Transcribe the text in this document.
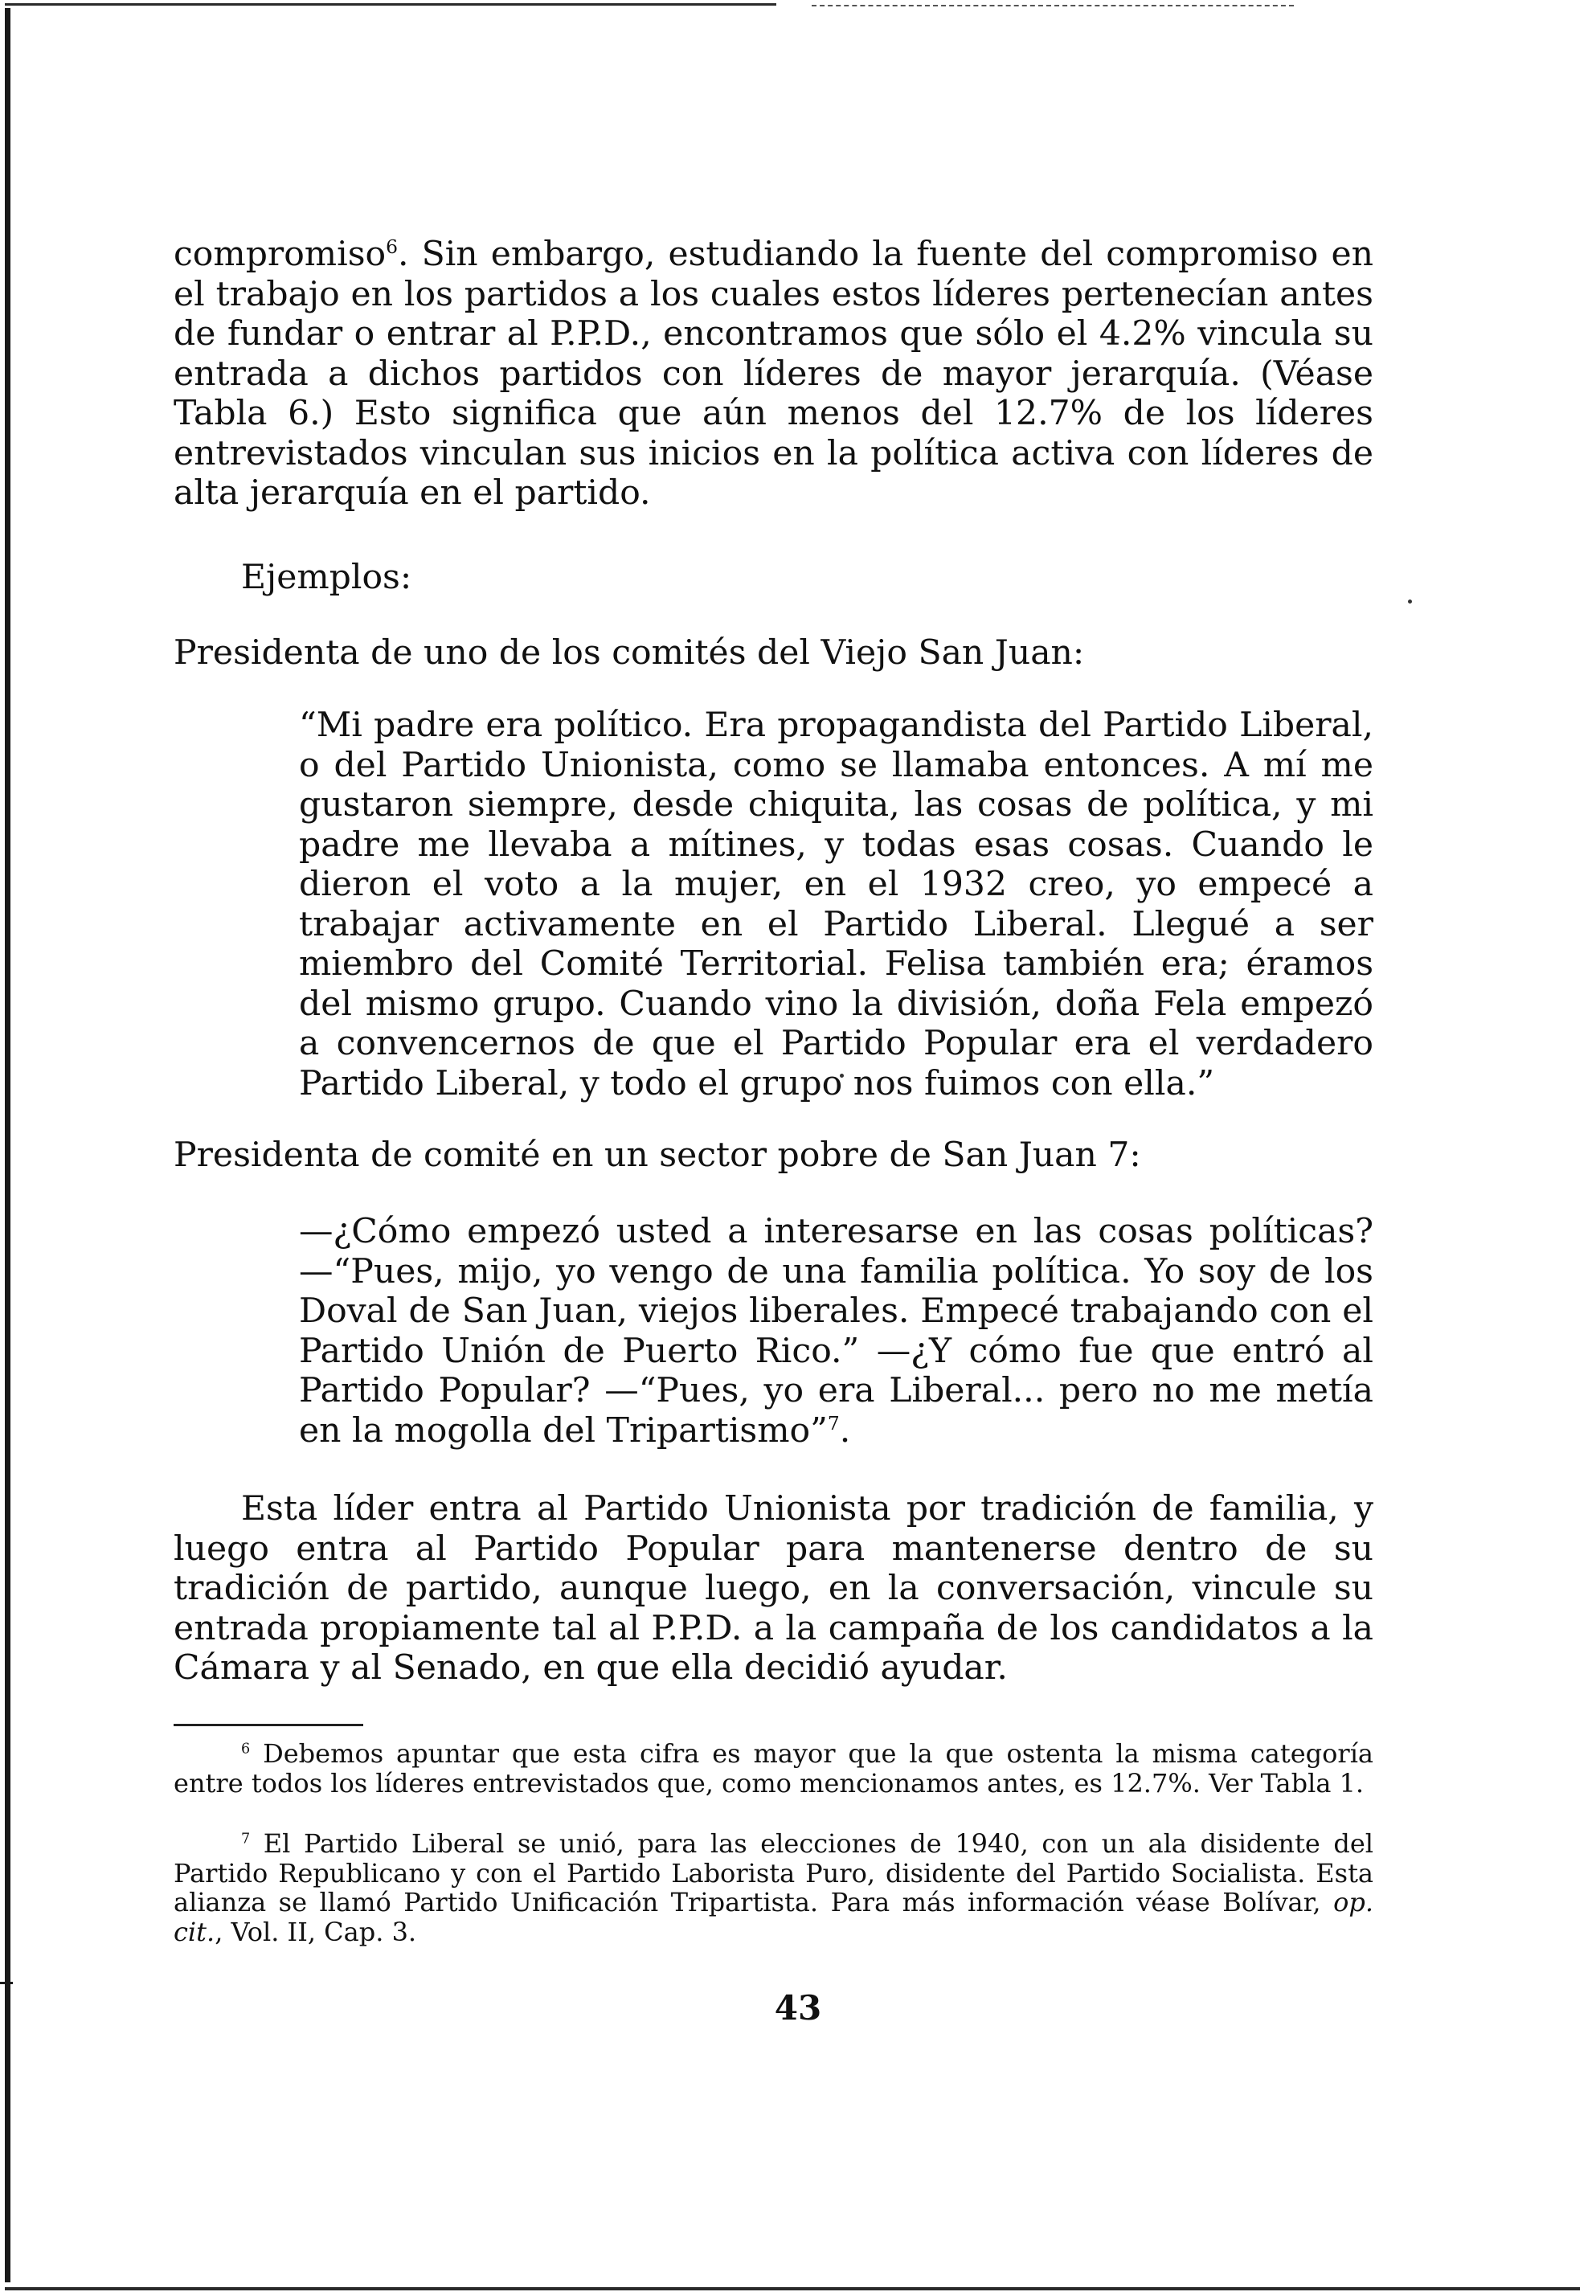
compromiso$^6$. Sin embargo, estudiando la fuente del compromiso en el trabajo en los partidos a los cuales estos líderes pertenecían antes de fundar o entrar al P.P.D., encontramos que sólo el 4.2% vincula su entrada a dichos partidos con líderes de mayor jerarquía. (Véase Tabla 6.) Esto significa que aún menos del 12.7% de los líderes entrevistados vinculan sus inicios en la política activa con líderes de alta jerarquía en el partido.

Ejemplos:

Presidenta de uno de los comités del Viejo San Juan:

“Mi padre era político. Era propagandista del Partido Liberal, o del Partido Unionista, como se llamaba entonces. A mí me gustaron siempre, desde chiquita, las cosas de política, y mi padre me llevaba a mítines, y todas esas cosas. Cuando le dieron el voto a la mujer, en el 1932 creo, yo empecé a trabajar activamente en el Partido Liberal. Llegué a ser miembro del Comité Territorial. Felisa también era; éramos del mismo grupo. Cuando vino la división, doña Fela empezó a convencernos de que el Partido Popular era el verdadero Partido Liberal, y todo el grupo nos fuimos con ella.”

Presidenta de comité en un sector pobre de San Juan 7:

—¿Cómo empezó usted a interesarse en las cosas políticas? —“Pues, mijo, yo vengo de una familia política. Yo soy de los Doval de San Juan, viejos liberales. Empecé trabajando con el Partido Unión de Puerto Rico.” —¿Y cómo fue que entró al Partido Popular? —“Pues, yo era Liberal... pero no me metía en la mogolla del Tripartismo”$^7$.

Esta líder entra al Partido Unionista por tradición de familia, y luego entra al Partido Popular para mantenerse dentro de su tradición de partido, aunque luego, en la conversación, vincule su entrada propiamente tal al P.P.D. a la campaña de los candidatos a la Cámara y al Senado, en que ella decidió ayudar.

$^6$ Debemos apuntar que esta cifra es mayor que la que ostenta la misma categoría entre todos los líderes entrevistados que, como mencionamos antes, es 12.7%. Ver Tabla 1.

$^7$ El Partido Liberal se unió, para las elecciones de 1940, con un ala disidente del Partido Republicano y con el Partido Laborista Puro, disidente del Partido Socialista. Esta alianza se llamó Partido Unificación Tripartista. Para más información véase Bolívar, op. cit., Vol. II, Cap. 3.

43
